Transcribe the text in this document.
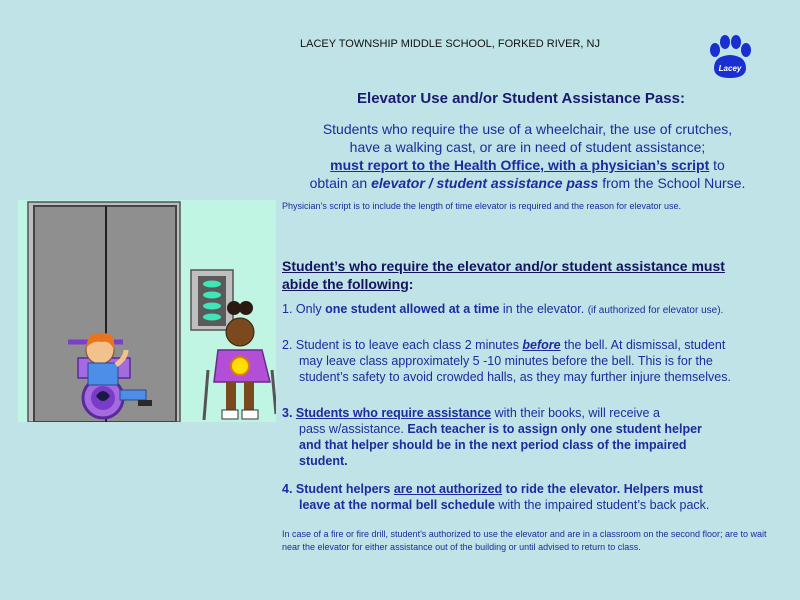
LACEY TOWNSHIP MIDDLE SCHOOL, FORKED RIVER, NJ
Lacey
Elevator Use and/or Student Assistance Pass:
Students who require the use of a wheelchair, the use of crutches,
have a walking cast, or are in need of student assistance;
must report to the Health Office, with a physician’s script to
obtain an elevator / student assistance pass from the School Nurse.
Physician’s script is to include the length of time elevator is required and the reason for elevator use.
Student’s who require the elevator and/or student assistance must abide the following:
1. Only one student allowed at a time in the elevator. (if authorized for elevator use).
2. Student is to leave each class 2 minutes before the bell. At dismissal, student
may leave class approximately 5 -10 minutes before the bell. This is for the
student’s safety to avoid crowded halls, as they may further injure themselves.
3. Students who require assistance with their books, will receive a
pass w/assistance. Each teacher is to assign only one student helper
and that helper should be in the next period class of the impaired
student.
4. Student helpers are not authorized to ride the elevator. Helpers must
leave at the normal bell schedule with the impaired student’s back pack.
In case of a fire or fire drill, student's authorized to use the elevator and are in a classroom on the second floor; are to wait near the elevator for either assistance out of the building or until advised to return to class.
